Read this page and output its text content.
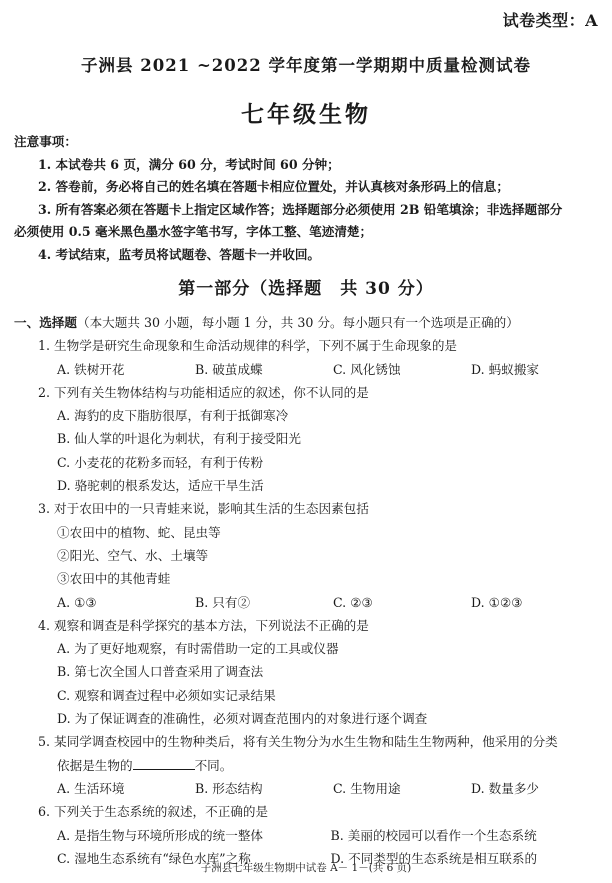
试卷类型：A
子洲县 2021 ~2022 学年度第一学期期中质量检测试卷
七年级生物
注意事项：
1. 本试卷共 6 页，满分 60 分，考试时间 60 分钟；
2. 答卷前，务必将自己的姓名填在答题卡相应位置处，并认真核对条形码上的信息；
3. 所有答案必须在答题卡上指定区域作答；选择题部分必须使用 2B 铅笔填涂；非选择题部分
必须使用 0.5 毫米黑色墨水签字笔书写，字体工整、笔迹清楚；
4. 考试结束，监考员将试题卷、答题卡一并收回。
第一部分（选择题　共 30 分）
一、选择题（本大题共 30 小题，每小题 1 分，共 30 分。每小题只有一个选项是正确的）
1. 生物学是研究生命现象和生命活动规律的科学，下列不属于生命现象的是
A. 铁树开花	B. 破茧成蝶	C. 风化锈蚀	D. 蚂蚁搬家
2. 下列有关生物体结构与功能相适应的叙述，你不认同的是
A. 海豹的皮下脂肪很厚，有利于抵御寒冷
B. 仙人掌的叶退化为刺状，有利于接受阳光
C. 小麦花的花粉多而轻，有利于传粉
D. 骆驼刺的根系发达，适应干旱生活
3. 对于农田中的一只青蛙来说，影响其生活的生态因素包括
①农田中的植物、蛇、昆虫等
②阳光、空气、水、土壤等
③农田中的其他青蛙
A. ①③	B. 只有②	C. ②③	D. ①②③
4. 观察和调查是科学探究的基本方法，下列说法不正确的是
A. 为了更好地观察，有时需借助一定的工具或仪器
B. 第七次全国人口普查采用了调查法
C. 观察和调查过程中必须如实记录结果
D. 为了保证调查的准确性，必须对调查范围内的对象进行逐个调查
5. 某同学调查校园中的生物种类后，将有关生物分为水生生物和陆生生物两种，他采用的分类
依据是生物的	不同。
A. 生活环境	B. 形态结构	C. 生物用途	D. 数量多少
6. 下列关于生态系统的叙述，不正确的是
A. 是指生物与环境所形成的统一整体	B. 美丽的校园可以看作一个生态系统
C. 湿地生态系统有“绿色水库”之称	D. 不同类型的生态系统是相互联系的
子洲县七年级生物期中试卷 A－ 1－(共 6 页)
